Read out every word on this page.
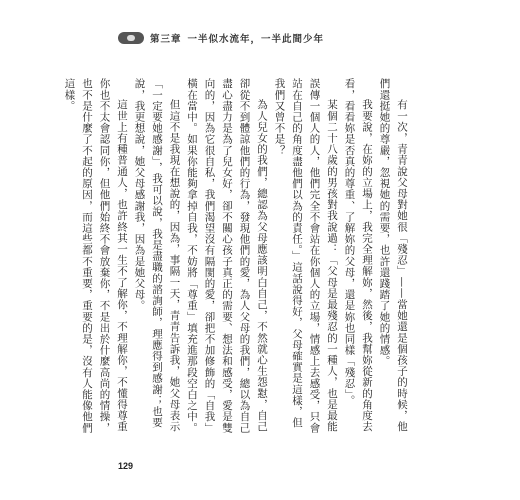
第三章 一半似水流年，一半此間少年

有一次，青青說父母對她很「殘忍」——當她還是個孩子的時候，他們還挺她的尊嚴，忽視她的需要，也許還踐踏了她的情感。

我要說，在妳的立場上，我完全理解妳，然後，我幫妳從新的角度去看，看看妳是否真的尊重、了解妳的父母，還是妳也同樣「殘忍」。

某個二十八歲的男孩對我說過：「父母是最殘忍的一種人，也是最能誤傳一個人的人，他們完全不會站在你個人的立場，情感上去感受，只會站在自己的角度盡他們以為的責任。」這話說得好，父母確實是這樣，但我們又曾不是？

為人兒女的我們，總認為父母應該明白自己，不然就心生怨懟，自己卻從不到體諒他們的行為，發現他們的愛，為人父母的我們，總以為自己盡心盡力是為了兒女好，卻不關心孩子真正的需要、想法和感受，愛是雙向的，因為它很自私，我們渴望沒有隔閡的愛，卻把不加修飾的「自我」橫在當中。如果你能夠拿掉自我，不妨將「尊重」填充進那段空白之中。

但這不是我現在想說的，因為，事隔一天，青青告訴我，她父母表示「一定要她感謝」，我可以說，我是盡職的諮詢師，理應得到感謝；也要說，我更想說，她父母感謝我，因為是她父母。

這世上有種普通人，也許終其一生不了解你，不理解你，不懂得尊重你也不太會認同你，但他們始終不會放棄你，不是出於什麼高尚的情操，也不是什麼了不起的原因，而這些都不重要，重要的是，沒有人能像他們這樣。

129
